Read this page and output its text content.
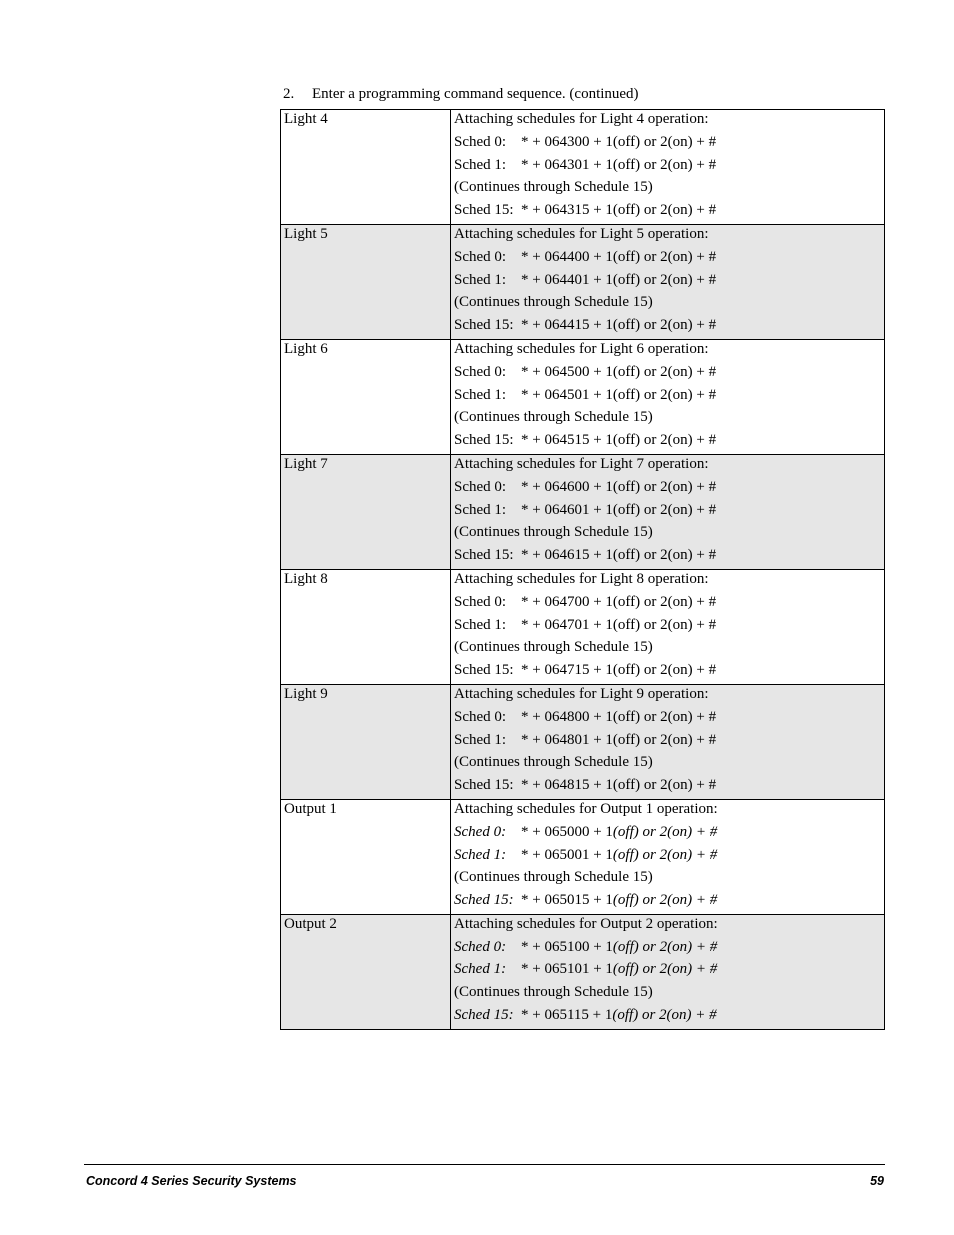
2. Enter a programming command sequence. (continued)
Light 4	Attaching schedules for Light 4 operation:
Sched 0: * + 064300 + 1(off) or 2(on) + #
Sched 1: * + 064301 + 1(off) or 2(on) + #
(Continues through Schedule 15)
Sched 15: * + 064315 + 1(off) or 2(on) + #

Light 5	Attaching schedules for Light 5 operation:
Sched 0: * + 064400 + 1(off) or 2(on) + #
Sched 1: * + 064401 + 1(off) or 2(on) + #
(Continues through Schedule 15)
Sched 15: * + 064415 + 1(off) or 2(on) + #

Light 6	Attaching schedules for Light 6 operation:
Sched 0: * + 064500 + 1(off) or 2(on) + #
Sched 1: * + 064501 + 1(off) or 2(on) + #
(Continues through Schedule 15)
Sched 15: * + 064515 + 1(off) or 2(on) + #

Light 7	Attaching schedules for Light 7 operation:
Sched 0: * + 064600 + 1(off) or 2(on) + #
Sched 1: * + 064601 + 1(off) or 2(on) + #
(Continues through Schedule 15)
Sched 15: * + 064615 + 1(off) or 2(on) + #

Light 8	Attaching schedules for Light 8 operation:
Sched 0: * + 064700 + 1(off) or 2(on) + #
Sched 1: * + 064701 + 1(off) or 2(on) + #
(Continues through Schedule 15)
Sched 15: * + 064715 + 1(off) or 2(on) + #

Light 9	Attaching schedules for Light 9 operation:
Sched 0: * + 064800 + 1(off) or 2(on) + #
Sched 1: * + 064801 + 1(off) or 2(on) + #
(Continues through Schedule 15)
Sched 15: * + 064815 + 1(off) or 2(on) + #

Output 1	Attaching schedules for Output 1 operation:
Sched 0: * + 065000 + 1(off) or 2(on) + #
Sched 1: * + 065001 + 1(off) or 2(on) + #
(Continues through Schedule 15)
Sched 15: * + 065015 + 1(off) or 2(on) + #

Output 2	Attaching schedules for Output 2 operation:
Sched 0: * + 065100 + 1(off) or 2(on) + #
Sched 1: * + 065101 + 1(off) or 2(on) + #
(Continues through Schedule 15)
Sched 15: * + 065115 + 1(off) or 2(on) + #
Concord 4 Series Security Systems	59
